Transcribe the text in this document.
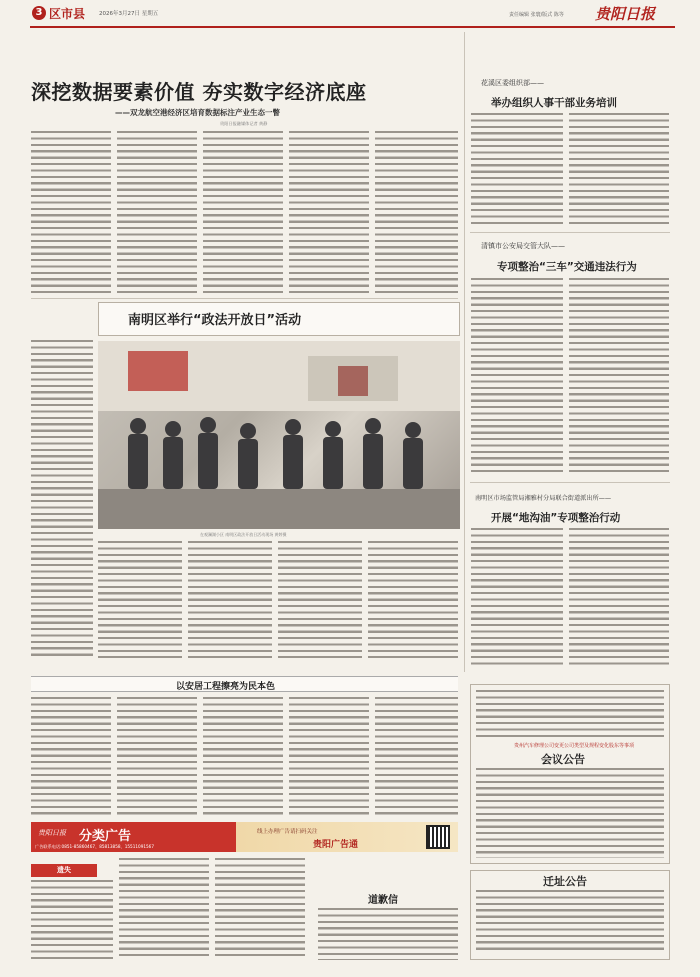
3 区市县	2026年3月27日 星期五	责任编辑 张寰/版式 陈等 贵阳日报
深挖数据要素价值 夯实数字经济底座
——双龙航空港经济区培育数据标注产业生态一瞥
贵阳日报融媒体记者 黄静
花溪区委组织部——
举办组织人事干部业务培训
清镇市公安局交管大队——
专项整治“三车”交通违法行为
南明区市场监管局湘雅村分局联合街道派出所——
开展“地沟油”专项整治行动
南明区举行“政法开放日”活动
在观澜湖小区 南明区政法开放日活动现场 黄婷摄
以安居工程擦亮为民本色
贵州汽车修理公司变更公司类型及规程变化股东等事项
会议公告
迁址公告
贵阳日报 分类广告
广告联系电话:0851-85860467、85813858、15511091567
线上办理广告请扫码关注
贵阳广告通
遗失
道歉信
